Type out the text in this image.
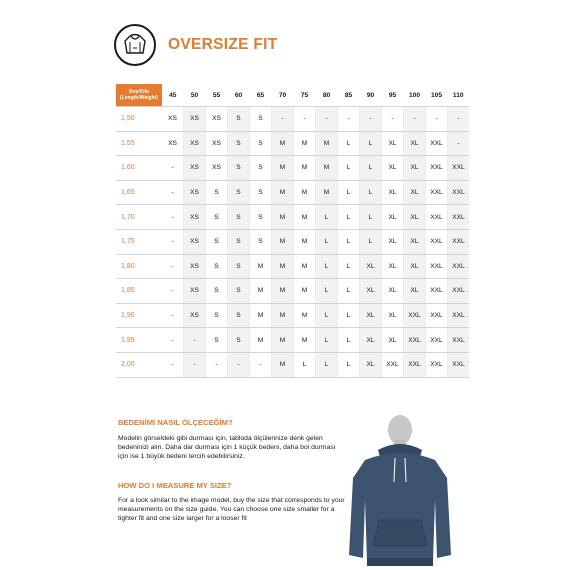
OVERSIZE FIT
Boy/Kilo
(Length/Weight)	45	50	55	60	65	70	75	80	85	90	95	100	105	110
1,50	XS	XS	XS	S	S	-	-	-	-	-	-	-	-	-
1,55	XS	XS	XS	S	S	M	M	M	L	L	XL	XL	XXL	-
1,60	-	XS	XS	S	S	M	M	M	L	L	XL	XL	XXL	XXL
1,65	-	XS	S	S	S	M	M	M	L	L	XL	XL	XXL	XXL
1,70	-	XS	S	S	S	M	M	L	L	L	XL	XL	XXL	XXL
1,75	-	XS	S	S	S	M	M	L	L	L	XL	XL	XXL	XXL
1,80	-	XS	S	S	M	M	M	L	L	XL	XL	XL	XXL	XXL
1,85	-	XS	S	S	M	M	M	L	L	XL	XL	XL	XXL	XXL
1,90	-	XS	S	S	M	M	M	L	L	XL	XL	XXL	XXL	XXL
1,95	-	-	S	S	M	M	M	L	L	XL	XL	XXL	XXL	XXL
2,00	-	-	-	-	-	M	L	L	L	XL	XXL	XXL	XXL	XXL
BEDENİMİ NASIL ÖLÇECEĞİM?

Modelin görseldeki gibi durması için, tabloda ölçülerinize denk gelen bedeninizi alın. Daha dar durması için 1 küçük bedeni, daha bol durması için ise 1 büyük bedeni tercih edebilirsiniz.

HOW DO I MEASURE MY SIZE?

For a look similar to the image model, buy the size that corresponds to your measurements on the size guide. You can choose one size smaller for a tighter fit and one size larger for a looser fit
